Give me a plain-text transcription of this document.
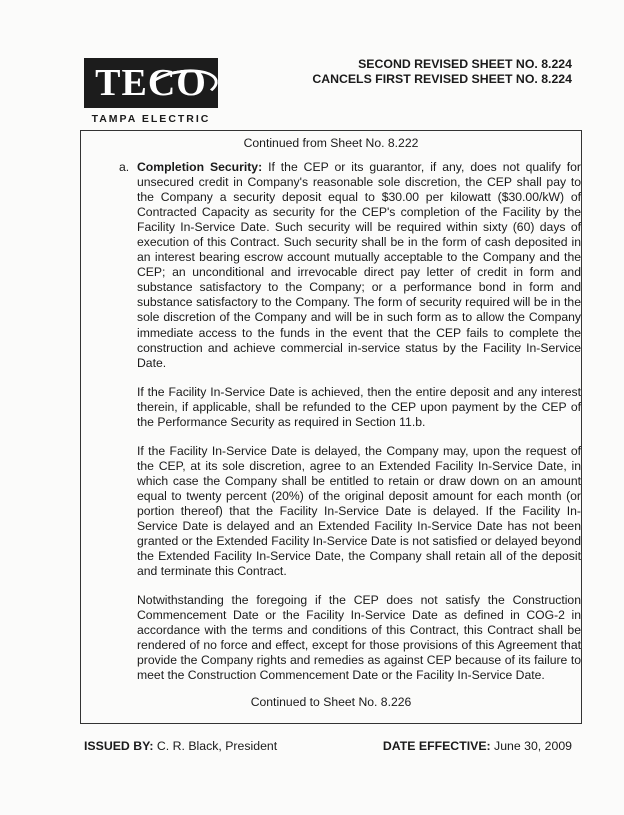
TECO
TAMPA ELECTRIC
SECOND REVISED SHEET NO. 8.224
CANCELS FIRST REVISED SHEET NO. 8.224
Continued from Sheet No. 8.222

a. Completion Security: If the CEP or its guarantor, if any, does not qualify for unsecured credit in Company's reasonable sole discretion, the CEP shall pay to the Company a security deposit equal to $30.00 per kilowatt ($30.00/kW) of Contracted Capacity as security for the CEP's completion of the Facility by the Facility In-Service Date. Such security will be required within sixty (60) days of execution of this Contract. Such security shall be in the form of cash deposited in an interest bearing escrow account mutually acceptable to the Company and the CEP; an unconditional and irrevocable direct pay letter of credit in form and substance satisfactory to the Company; or a performance bond in form and substance satisfactory to the Company. The form of security required will be in the sole discretion of the Company and will be in such form as to allow the Company immediate access to the funds in the event that the CEP fails to complete the construction and achieve commercial in-service status by the Facility In-Service Date.

If the Facility In-Service Date is achieved, then the entire deposit and any interest therein, if applicable, shall be refunded to the CEP upon payment by the CEP of the Performance Security as required in Section 11.b.

If the Facility In-Service Date is delayed, the Company may, upon the request of the CEP, at its sole discretion, agree to an Extended Facility In-Service Date, in which case the Company shall be entitled to retain or draw down on an amount equal to twenty percent (20%) of the original deposit amount for each month (or portion thereof) that the Facility In-Service Date is delayed. If the Facility In-Service Date is delayed and an Extended Facility In-Service Date has not been granted or the Extended Facility In-Service Date is not satisfied or delayed beyond the Extended Facility In-Service Date, the Company shall retain all of the deposit and terminate this Contract.

Notwithstanding the foregoing if the CEP does not satisfy the Construction Commencement Date or the Facility In-Service Date as defined in COG-2 in accordance with the terms and conditions of this Contract, this Contract shall be rendered of no force and effect, except for those provisions of this Agreement that provide the Company rights and remedies as against CEP because of its failure to meet the Construction Commencement Date or the Facility In-Service Date.

Continued to Sheet No. 8.226
ISSUED BY: C. R. Black, President	DATE EFFECTIVE: June 30, 2009
